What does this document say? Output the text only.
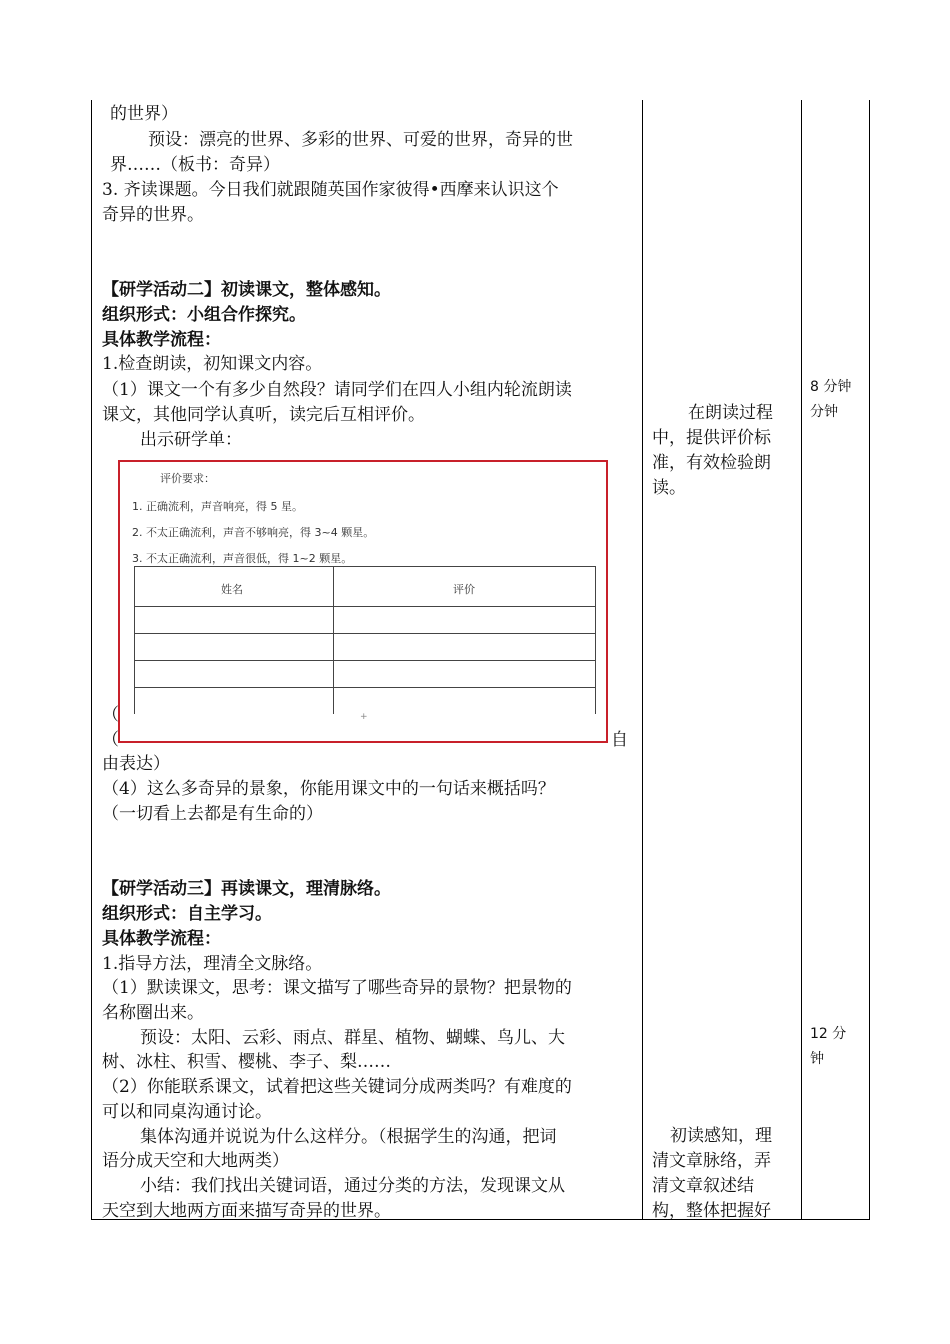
的世界）
预设：漂亮的世界、多彩的世界、可爱的世界，奇异的世
界……（板书：奇异）
3. 齐读课题。今日我们就跟随英国作家彼得•西摩来认识这个
奇异的世界。
【研学活动二】初读课文，整体感知。
组织形式：小组合作探究。
具体教学流程：
1.检查朗读，初知课文内容。
（1）课文一个有多少自然段？请同学们在四人小组内轮流朗读
课文，其他同学认真听，读完后互相评价。
出示研学单：
评价要求：
1. 正确流利，声音响亮，得 5 星。
2. 不太正确流利，声音不够响亮，得 3~4 颗星。
3. 不太正确流利，声音很低，得 1~2 颗星。
姓名	评价
+
（
（	自
由表达）
（4）这么多奇异的景象，你能用课文中的一句话来概括吗？
（一切看上去都是有生命的）
【研学活动三】再读课文，理清脉络。
组织形式：自主学习。
具体教学流程：
1.指导方法，理清全文脉络。
（1）默读课文，思考：课文描写了哪些奇异的景物？把景物的
名称圈出来。
预设：太阳、云彩、雨点、群星、植物、蝴蝶、鸟儿、大
树、冰柱、积雪、樱桃、李子、梨……
（2）你能联系课文，试着把这些关键词分成两类吗？有难度的
可以和同桌沟通讨论。
集体沟通并说说为什么这样分。（根据学生的沟通，把词
语分成天空和大地两类）
小结：我们找出关键词语，通过分类的方法，发现课文从
天空到大地两方面来描写奇异的世界。
在朗读过程
中，提供评价标
准，有效检验朗
读。
初读感知，理
清文章脉络，弄
清文章叙述结
构，整体把握好
8 分钟
分钟
12 分
钟
